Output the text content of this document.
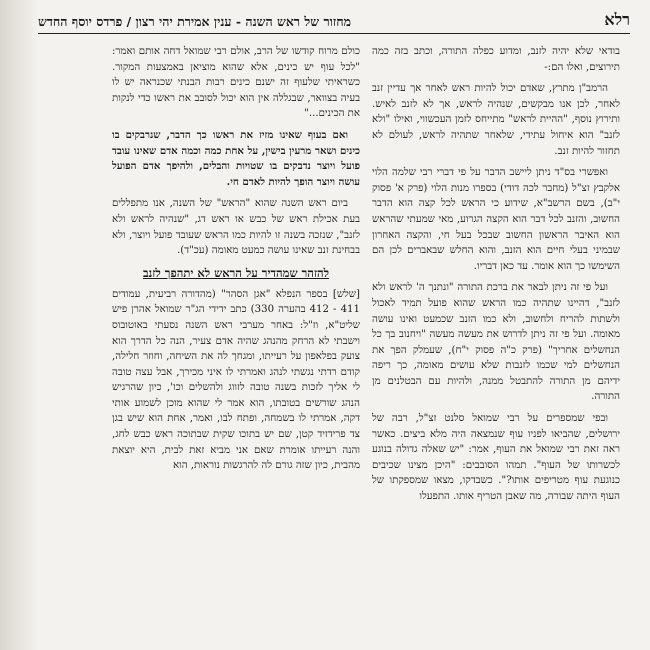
מחזור של ראש השנה - ענין אמירת יהי רצון / פרדס יוסף החדש	רלא

בודאי שלא יהיה לזנב, ומדוע כפלה התורה, וכתב בזה כמה תירוצים, ואלו הם:-

הרמב"ן מתרץ, שאדם יכול להיות ראש לאחר אך עדיין זנב לאחר, לכן אנו מבקשים, שנהיה לראש, אך לא לזנב לאיש. ותירוץ נוסף, "ההיית לראש" מתייחס לזמן העכשווי, ואילו "ולא לזנב" הוא איחול עתידי, שלאחר שתהיה לראש, לעולם לא תחזור להיות זנב.

ואפשרי בס"ד ניתן ליישב הדבר על פי דברי רבי שלמה הלוי אלקבץ זצ"ל (מחבר לכה דודי) בספרו מנות הלוי (פרק א' פסוק י"ב), בשם הרשב"א, שידוע כי הראש לכל קצה הוא הדבר החשוב, והזנב לכל דבר הוא הקצה הגרוע, מאי שמעתי שהראש הוא האיבר הראשון החשוב שבכל בעל חי, והקצה האחרון שבמיני בעלי חיים הוא הזנב, והוא החלש שבאברים לכן הם השימשו כך הוא אומר. עד כאן דבריו.

ועל פי זה ניתן לבאר את ברכת התורה "ונתנך ה' לראש ולא לזנב", דהיינו שתהיה כמו הראש שהוא פועל תמיד לאכול ולשתות להריח ולחשוב, ולא כמו הזנב שכמעט ואינו עושה מאומה. ועל פי זה ניתן לדרוש את מעשה מעשה "ויחנוב בך כל הנחשלים אחריך" (פרק כ"ה פסוק י"ח), שעמלק הפך את הנחשלים למי שכמו לזנבות שלא עושים מאומה, כך ריפה ידיהם מן התורה להתבטל ממנה, ולהיות עם הבטלנים מן התורה.

ובפי שמספרים על רבי שמואל סלנט זצ"ל, רבה של ירושלים, שהביאו לפניו עוף שנמצאה היה מלא ביצים. כאשר ראה זאת רבי שמואל את העוף, אמר: "יש שאלה גדולה בנוגע לכשרותו של העוף". תמהו הסובבים: "היכן מצינו שכיבים כנוגעת עוף מטריפים אותו?". כשבדקו, מצאו שמספקתו של העוף היתה שבורה, מה שאבן הטריף אותו. התפעלו

כולם מרוח קודשו של הרב, אולם רבי שמואל דחה אותם ואמר: "לכל עוף יש כינים, אלא שהוא מוציאן באמצעות המקור. כשראיתי שלעוף זה ישנם כינים רבות הבנתי שכנראה יש לו בעיה בצוואר, שבגללה אין הוא יכול לסובב את ראשו כדי לנקות את הכינים..."

ואם בעוף שאינו מזיז את ראשו כך הדבר, שנרבקים בו כינים ושאר מרעין בישין, על אחת כמה וכמה אדם שאינו עובד פועל ויוצר נדבקים בו שטויות והבלים, ולהיפך אדם הפועל עושה ויוצר הופך להיות לאדם חי.

ביום ראש השנה שהוא "הראש" של השנה, אנו מתפללים בעת אכילת ראש של כבש או ראש דג, "שנהיה לראש ולא לזנב", שנזכה בשנה זו להיות כמו הראש שעובד פועל ויוצר, ולא בבחינת זנב שאינו עושה כמעט מאומה (עכ"ד).

להזהר שמהדיר על הראש לא יתהפך לזנב

[שלש] בספר הנפלא "אגן הסהר" (מהדורה רביעית, עמודים 411 - 412 בהערה 330) כתב ידידי הג"ר שמואל אהרן פיש שליט"א, וז"ל: באחר מערבי ראש השנה נסעתי באוטובוס וישבתי לא הרחק מהנהג שהיה אדם צעיר, הנה כל הדרך הוא צועק בפלאפון על רעייתו, ומגחך לה את השיחה, וחוזר חלילה, קודם רדתי נגשתי לנהג ואמרתי לו איני מכירך, אבל עצה טובה לי אליך לזכות בשנה טובה לזווג ולהשלים וכו', כיון שהרגיש הנהג שורשים בטובתו, הוא אמר לי שהוא מוכן לשמוע אותי דקה, אמרתי לו בשמחה, ופתח לבו, ואמר, אחת הוא שיש בגן צד פרידזיד קטן, שם יש בתוכו שקית שבתוכה ראש כבש לחג, והנה רעייתו אומרת שאם אני מביא זאת לבית, היא יוצאת מהבית, כיון שזה גורם לה להרגשות נוראות, הוא
